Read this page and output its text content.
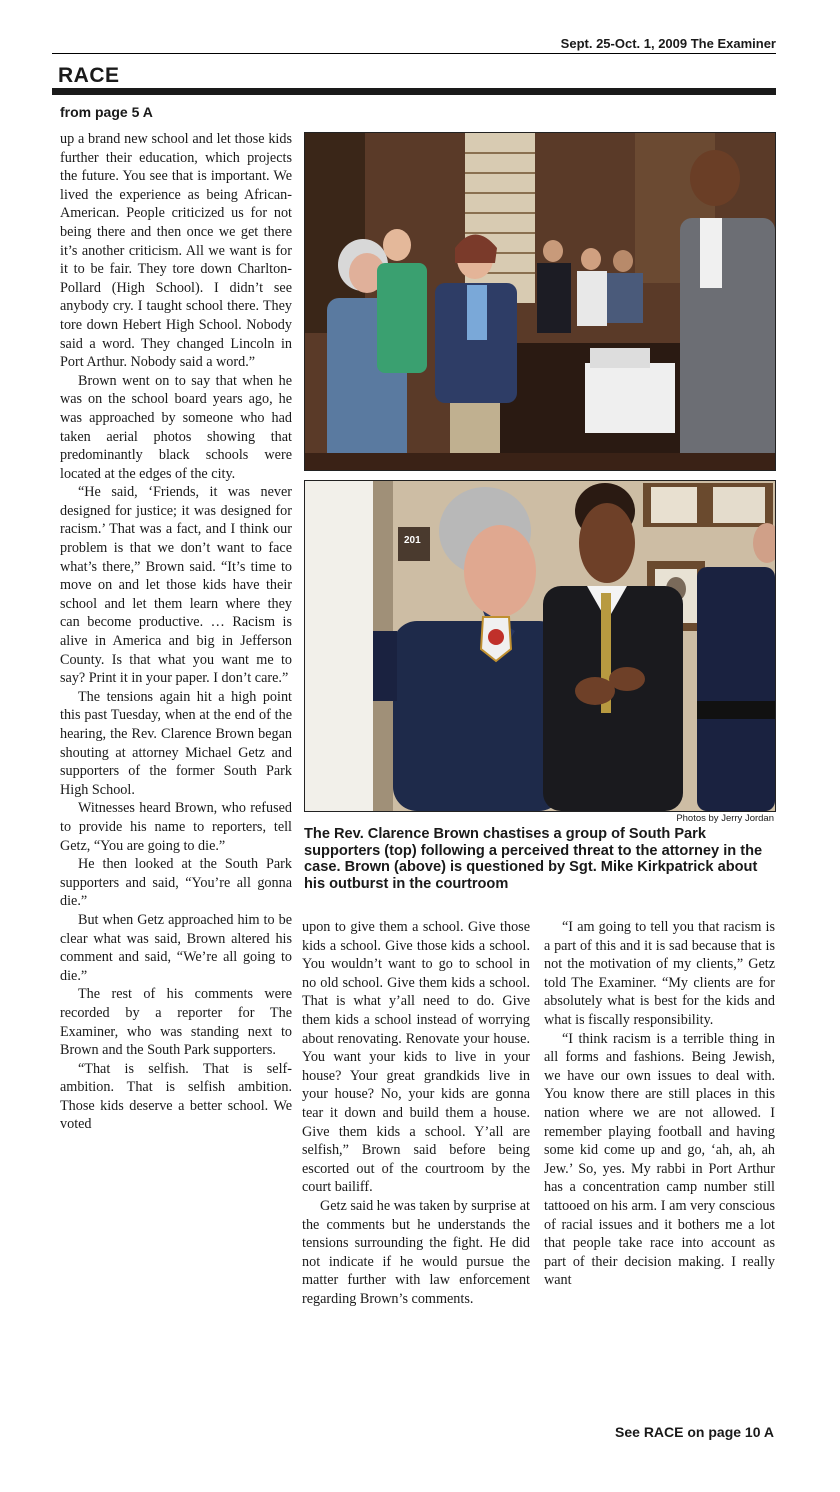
Sept. 25-Oct. 1, 2009 The Examiner
RACE
from page 5 A

up a brand new school and let those kids further their education, which projects the future. You see that is important. We lived the experience as being African-American. People criticized us for not being there and then once we get there it’s another criticism. All we want is for it to be fair. They tore down Charlton-Pollard (High School). I didn’t see anybody cry. I taught school there. They tore down Hebert High School. Nobody said a word. They changed Lincoln in Port Arthur. Nobody said a word.”

Brown went on to say that when he was on the school board years ago, he was approached by someone who had taken aerial photos showing that predominantly black schools were located at the edges of the city.

“He said, ‘Friends, it was never designed for justice; it was designed for racism.’ That was a fact, and I think our problem is that we don’t want to face what’s there,” Brown said. “It’s time to move on and let those kids have their school and let them learn where they can become productive. … Racism is alive in America and big in Jefferson County. Is that what you want me to say? Print it in your paper. I don’t care.”

The tensions again hit a high point this past Tuesday, when at the end of the hearing, the Rev. Clarence Brown began shouting at attorney Michael Getz and supporters of the former South Park High School.

Witnesses heard Brown, who refused to provide his name to reporters, tell Getz, “You are going to die.”

He then looked at the South Park supporters and said, “You’re all gonna die.”

But when Getz approached him to be clear what was said, Brown altered his comment and said, “We’re all going to die.”

The rest of his comments were recorded by a reporter for The Examiner, who was standing next to Brown and the South Park supporters.

“That is selfish. That is self-ambition. That is selfish ambition. Those kids deserve a better school. We voted

201
Photos by Jerry Jordan
The Rev. Clarence Brown chastises a group of South Park supporters (top) following a perceived threat to the attorney in the case. Brown (above) is questioned by Sgt. Mike Kirkpatrick about his outburst in the courtroom

upon to give them a school. Give those kids a school. Give those kids a school. You wouldn’t want to go to school in no old school. Give them kids a school. That is what y’all need to do. Give them kids a school instead of worrying about renovating. Renovate your house. You want your kids to live in your house? Your great grandkids live in your house? No, your kids are gonna tear it down and build them a house. Give them kids a school. Y’all are selfish,” Brown said before being escorted out of the courtroom by the court bailiff.

Getz said he was taken by surprise at the comments but he understands the tensions surrounding the fight. He did not indicate if he would pursue the matter further with law enforcement regarding Brown’s comments.

“I am going to tell you that racism is a part of this and it is sad because that is not the motivation of my clients,” Getz told The Examiner. “My clients are for absolutely what is best for the kids and what is fiscally responsibility.

“I think racism is a terrible thing in all forms and fashions. Being Jewish, we have our own issues to deal with. You know there are still places in this nation where we are not allowed. I remember playing football and having some kid come up and go, ‘ah, ah, ah Jew.’ So, yes. My rabbi in Port Arthur has a concentration camp number still tattooed on his arm. I am very conscious of racial issues and it bothers me a lot that people take race into account as part of their decision making. I really want

See RACE on page 10 A
